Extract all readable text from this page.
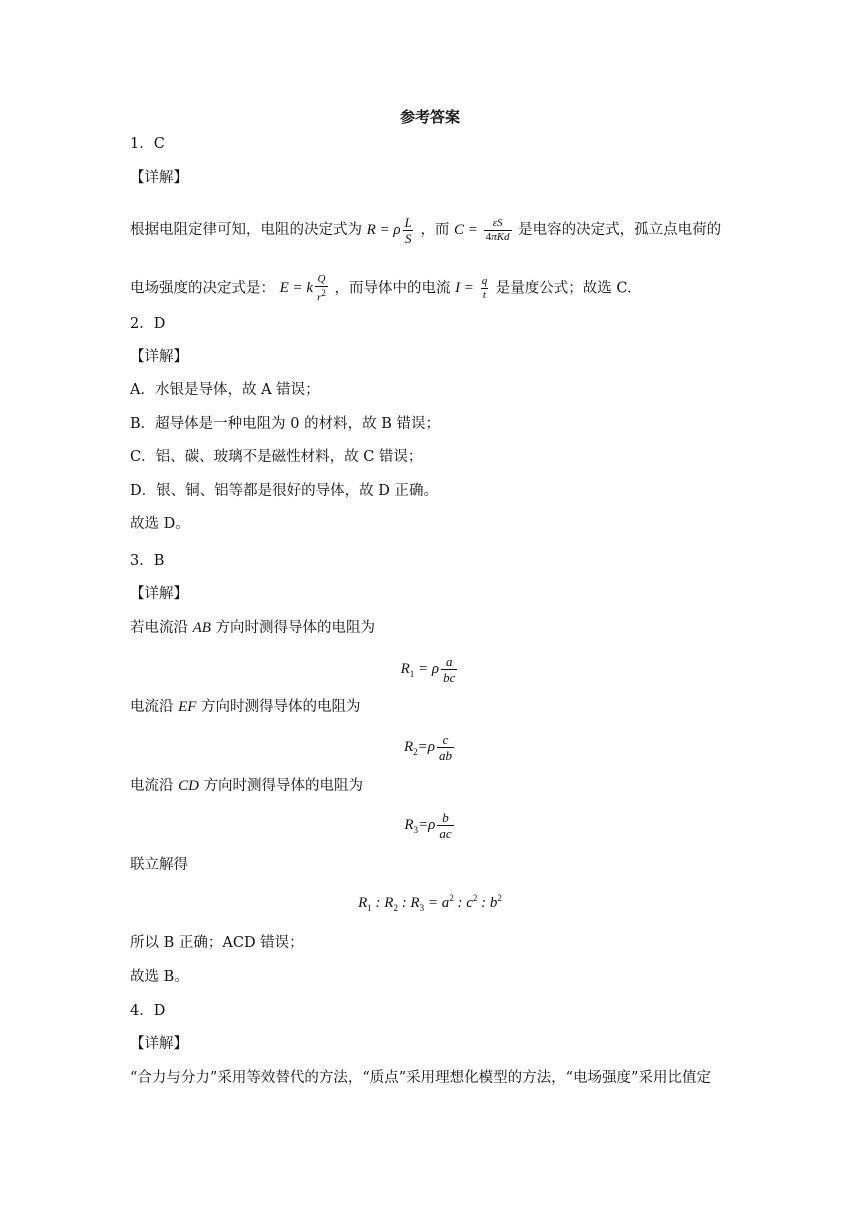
参考答案
1．C
【详解】
根据电阻定律可知，电阻的决定式为 R = ρ $\frac{L}{S}$ ，而 $C = \frac{\varepsilon S}{\text{4πKd}}$ 是电容的决定式，孤立点电荷的
电场强度的决定式是： E = k $\frac{Q}{r^2}$ ，而导体中的电流 $I = \frac{q}{t}$ 是量度公式；故选 C.
2．D
【详解】
A．水银是导体，故 A 错误；
B．超导体是一种电阻为 0 的材料，故 B 错误；
C．铝、碳、玻璃不是磁性材料，故 C 错误；
D．银、铜、铝等都是很好的导体，故 D 正确。
故选 D。
3．B
【详解】
若电流沿 AB 方向时测得导体的电阻为
$R_1 = \rho \frac{a}{bc}$
电流沿 EF 方向时测得导体的电阻为
$R_2=\rho \frac{c}{ab}$
电流沿 CD 方向时测得导体的电阻为
$R_3=\rho \frac{b}{ac}$
联立解得
$R_1$ : $R_2$ : $R_3 = a^2$ : $c^2$ : $b^2$
所以 B 正确；ACD 错误；
故选 B。
4．D
【详解】
“合力与分力”采用等效替代的方法，“质点”采用理想化模型的方法，“电场强度”采用比值定
